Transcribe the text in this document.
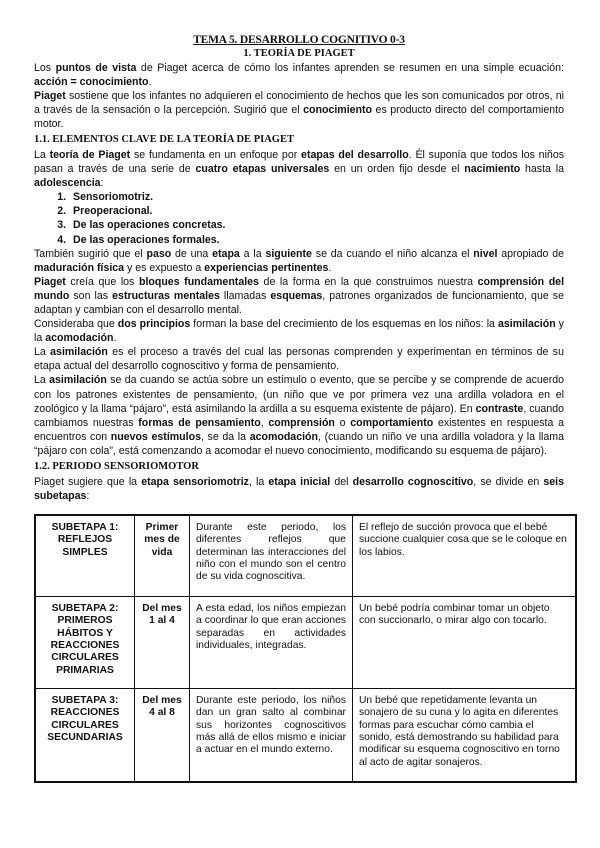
TEMA 5. DESARROLLO COGNITIVO 0-3
1. TEORÍA DE PIAGET

Los puntos de vista de Piaget acerca de cómo los infantes aprenden se resumen en una simple ecuación: acción = conocimiento.

Piaget sostiene que los infantes no adquieren el conocimiento de hechos que les son comunicados por otros, ni a través de la sensación o la percepción. Sugirió que el conocimiento es producto directo del comportamiento motor.

1.1. ELEMENTOS CLAVE DE LA TEORÍA DE PIAGET

La teoría de Piaget se fundamenta en un enfoque por etapas del desarrollo. Él suponía que todos los niños pasan a través de una serie de cuatro etapas universales en un orden fijo desde el nacimiento hasta la adolescencia:

1. Sensoriomotriz.
2. Preoperacional.
3. De las operaciones concretas.
4. De las operaciones formales.

También sugirió que el paso de una etapa a la siguiente se da cuando el niño alcanza el nivel apropiado de maduración física y es expuesto a experiencias pertinentes.

Piaget creía que los bloques fundamentales de la forma en la que construimos nuestra comprensión del mundo son las estructuras mentales llamadas esquemas, patrones organizados de funcionamiento, que se adaptan y cambian con el desarrollo mental.

Consideraba que dos principios forman la base del crecimiento de los esquemas en los niños: la asimilación y la acomodación.

La asimilación es el proceso a través del cual las personas comprenden y experimentan en términos de su etapa actual del desarrollo cognoscitivo y forma de pensamiento.

La asimilación se da cuando se actúa sobre un estímulo o evento, que se percibe y se comprende de acuerdo con los patrones existentes de pensamiento, (un niño que ve por primera vez una ardilla voladora en el zoológico y la llama “pájaro”, está asimilando la ardilla a su esquema existente de pájaro). En contraste, cuando cambiamos nuestras formas de pensamiento, comprensión o comportamiento existentes en respuesta a encuentros con nuevos estímulos, se da la acomodación, (cuando un niño ve una ardilla voladora y la llama “pájaro con cola”, está comenzando a acomodar el nuevo conocimiento, modificando su esquema de pájaro).

1.2. PERIODO SENSORIOMOTOR

Piaget sugiere que la etapa sensoriomotriz, la etapa inicial del desarrollo cognoscitivo, se divide en seis subetapas:

SUBETAPA 1: REFLEJOS SIMPLES	Primer mes de vida	Durante este periodo, los diferentes reflejos que determinan las interacciones del niño con el mundo son el centro de su vida cognoscitiva.	El reflejo de succión provoca que el bebé succione cualquier cosa que se le coloque en los labios.
SUBETAPA 2: PRIMEROS HÁBITOS Y REACCIONES CIRCULARES PRIMARIAS	Del mes 1 al 4	A esta edad, los niños empiezan a coordinar lo que eran acciones separadas en actividades individuales, integradas.	Un bebé podría combinar tomar un objeto con succionarlo, o mirar algo con tocarlo.
SUBETAPA 3: REACCIONES CIRCULARES SECUNDARIAS	Del mes 4 al 8	Durante este periodo, los niños dan un gran salto al combinar sus horizontes cognoscitivos más allá de ellos mismo e iniciar a actuar en el mundo externo.	Un bebé que repetidamente levanta un sonajero de su cuna y lo agita en diferentes formas para escuchar cómo cambia el sonido, está demostrando su habilidad para modificar su esquema cognoscitivo en torno al acto de agitar sonajeros.
